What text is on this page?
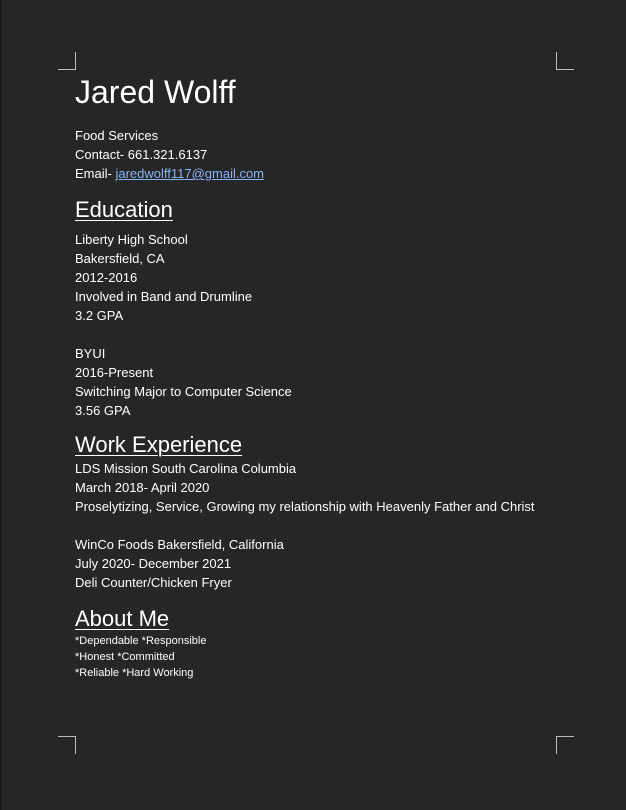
Jared Wolff
Food Services
Contact- 661.321.6137
Email- jaredwolff117@gmail.com
Education
Liberty High School
Bakersfield, CA
2012-2016
Involved in Band and Drumline
3.2 GPA
BYUI
2016-Present
Switching Major to Computer Science
3.56 GPA
Work Experience
LDS Mission South Carolina Columbia
March 2018- April 2020
Proselytizing, Service, Growing my relationship with Heavenly Father and Christ
WinCo Foods Bakersfield, California
July 2020- December 2021
Deli Counter/Chicken Fryer
About Me
*Dependable *Responsible
*Honest *Committed
*Reliable *Hard Working
